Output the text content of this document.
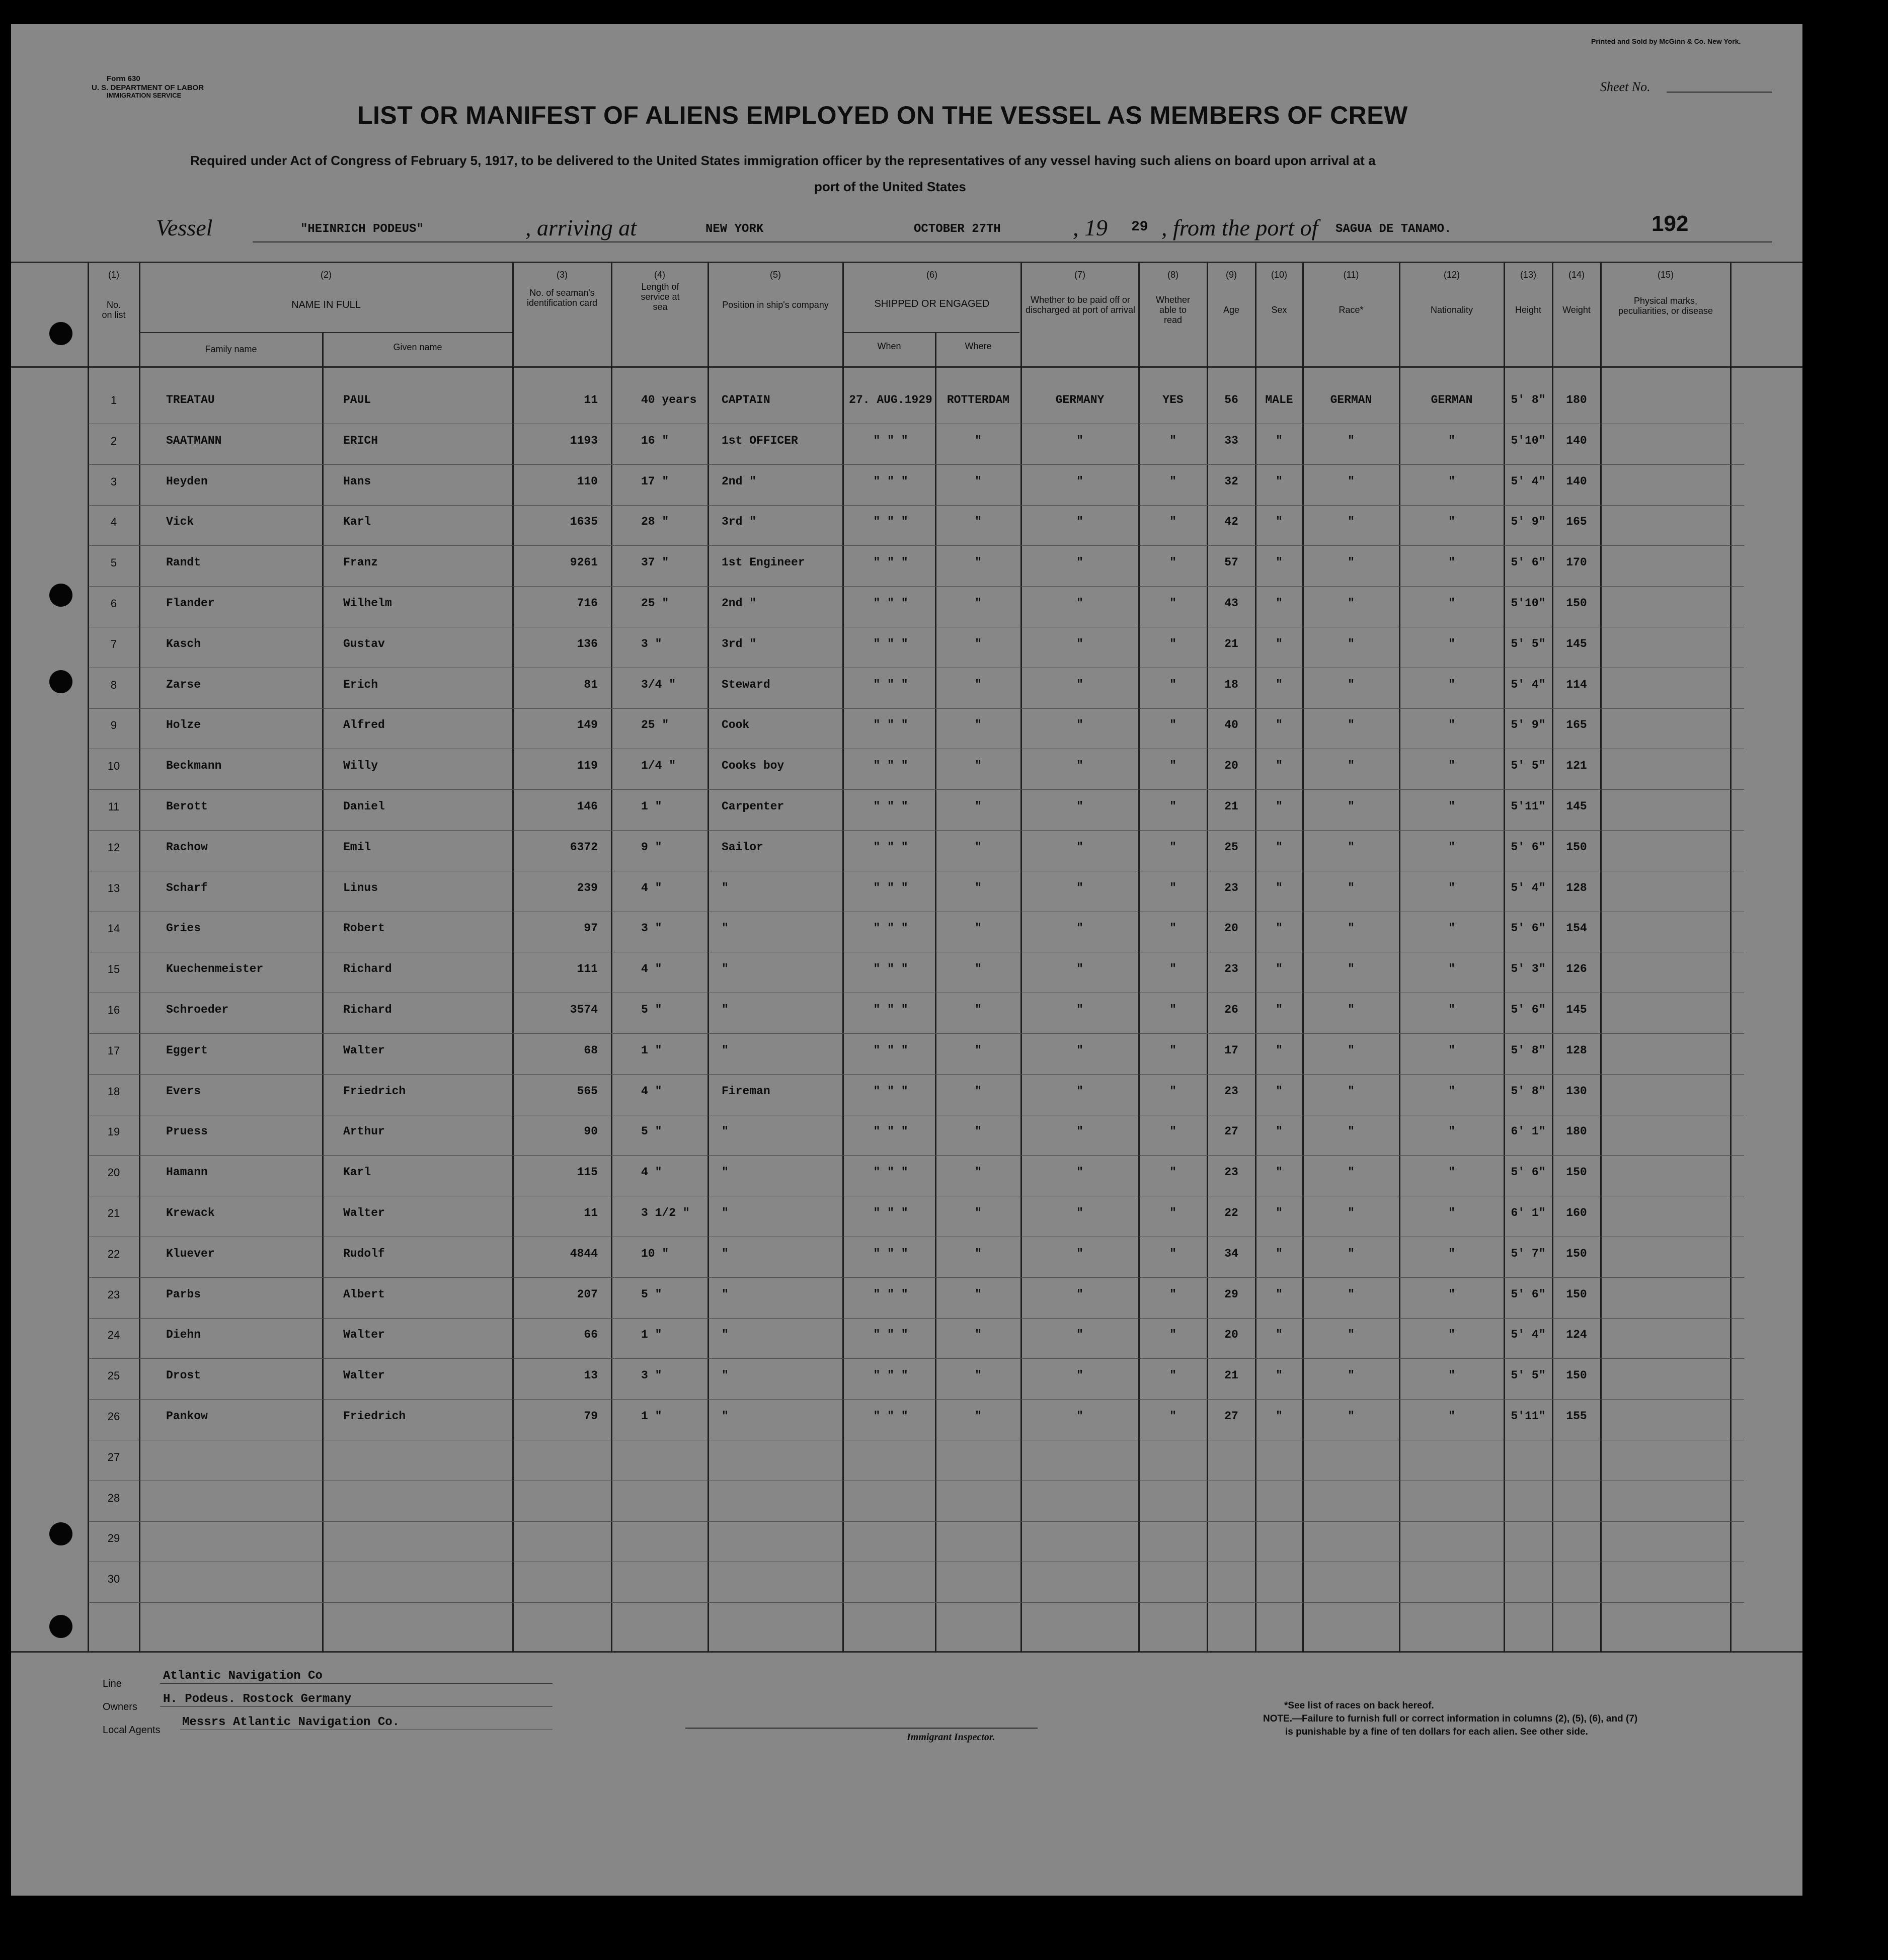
Form 630
U. S. DEPARTMENT OF LABOR
IMMIGRATION SERVICE
Printed and Sold by McGinn & Co. New York.
Sheet No.
LIST OR MANIFEST OF ALIENS EMPLOYED ON THE VESSEL AS MEMBERS OF CREW
Required under Act of Congress of February 5, 1917, to be delivered to the United States immigration officer by the representatives of any vessel having such aliens on board upon arrival at a
port of the United States
Vessel	"HEINRICH PODEUS"	, arriving at	NEW YORK	OCTOBER 27TH	, 19 29 , from the port of SAGUA DE TANAMO.	192
(1)
No. on list
(2)
NAME IN FULL
Family name	Given name
(3)
No. of seaman's identification card
(4)
Length of service at sea
(5)
Position in ship's company
(6)
SHIPPED OR ENGAGED
When	Where
(7)
Whether to be paid off or discharged at port of arrival
(8)
Whether able to read
(9)
Age
(10)
Sex
(11)
Race*
(12)
Nationality
(13)
Height
(14)
Weight
(15)
Physical marks, peculiarities, or disease
1	TREATAU	PAUL	11	40 years	CAPTAIN	27. AUG.1929	ROTTERDAM	GERMANY	YES	56	MALE	GERMAN	GERMAN	5' 8"	180
2	SAATMANN	ERICH	1193	16 "	1st OFFICER	" " "	"	"	"	33	"	"	"	5'10"	140
3	Heyden	Hans	110	17 "	2nd "	" " "	"	"	"	32	"	"	"	5' 4"	140
4	Vick	Karl	1635	28 "	3rd "	" " "	"	"	"	42	"	"	"	5' 9"	165
5	Randt	Franz	9261	37 "	1st Engineer	" " "	"	"	"	57	"	"	"	5' 6"	170
6	Flander	Wilhelm	716	25 "	2nd "	" " "	"	"	"	43	"	"	"	5'10"	150
7	Kasch	Gustav	136	3 "	3rd "	" " "	"	"	"	21	"	"	"	5' 5"	145
8	Zarse	Erich	81	3/4 "	Steward	" " "	"	"	"	18	"	"	"	5' 4"	114
9	Holze	Alfred	149	25 "	Cook	" " "	"	"	"	40	"	"	"	5' 9"	165
10	Beckmann	Willy	119	1/4 "	Cooks boy	" " "	"	"	"	20	"	"	"	5' 5"	121
11	Berott	Daniel	146	1 "	Carpenter	" " "	"	"	"	21	"	"	"	5'11"	145
12	Rachow	Emil	6372	9 "	Sailor	" " "	"	"	"	25	"	"	"	5' 6"	150
13	Scharf	Linus	239	4 "	"	" " "	"	"	"	23	"	"	"	5' 4"	128
14	Gries	Robert	97	3 "	"	" " "	"	"	"	20	"	"	"	5' 6"	154
15	Kuechenmeister	Richard	111	4 "	"	" " "	"	"	"	23	"	"	"	5' 3"	126
16	Schroeder	Richard	3574	5 "	"	" " "	"	"	"	26	"	"	"	5' 6"	145
17	Eggert	Walter	68	1 "	"	" " "	"	"	"	17	"	"	"	5' 8"	128
18	Evers	Friedrich	565	4 "	Fireman	" " "	"	"	"	23	"	"	"	5' 8"	130
19	Pruess	Arthur	90	5 "	"	" " "	"	"	"	27	"	"	"	6' 1"	180
20	Hamann	Karl	115	4 "	"	" " "	"	"	"	23	"	"	"	5' 6"	150
21	Krewack	Walter	11	3 1/2 "	"	" " "	"	"	"	22	"	"	"	6' 1"	160
22	Kluever	Rudolf	4844	10 "	"	" " "	"	"	"	34	"	"	"	5' 7"	150
23	Parbs	Albert	207	5 "	"	" " "	"	"	"	29	"	"	"	5' 6"	150
24	Diehn	Walter	66	1 "	"	" " "	"	"	"	20	"	"	"	5' 4"	124
25	Drost	Walter	13	3 "	"	" " "	"	"	"	21	"	"	"	5' 5"	150
26	Pankow	Friedrich	79	1 "	"	" " "	"	"	"	27	"	"	"	5'11"	155
27
28
29
30
Line
Atlantic Navigation Co
Owners
H. Podeus. Rostock Germany
Local Agents
Messrs Atlantic Navigation Co.
Immigrant Inspector.
*See list of races on back hereof.
NOTE.—Failure to furnish full or correct information in columns (2), (5), (6), and (7)
is punishable by a fine of ten dollars for each alien. See other side.
